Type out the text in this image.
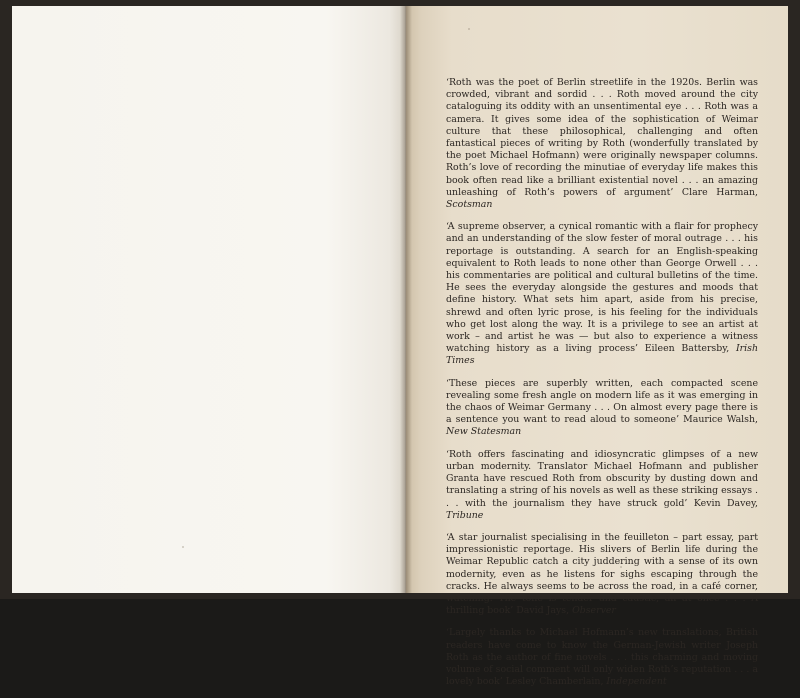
‘Roth was the poet of Berlin streetlife in the 1920s. Berlin was crowded, vibrant and sordid . . . Roth moved around the city cataloguing its oddity with an unsentimental eye . . . Roth was a camera. It gives some idea of the sophistication of Weimar culture that these philosophical, challenging and often fantastical pieces of writing by Roth (wonderfully translated by the poet Michael Hofmann) were originally newspaper columns. Roth’s love of recording the minutiae of everyday life makes this book often read like a brilliant existential novel . . . an amazing unleashing of Roth’s powers of argument’ Clare Harman, Scotsman

‘A supreme observer, a cynical romantic with a flair for prophecy and an understanding of the slow fester of moral outrage . . . his reportage is outstanding. A search for an English-speaking equivalent to Roth leads to none other than George Orwell . . . his commentaries are political and cultural bulletins of the time. He sees the everyday alongside the gestures and moods that define history. What sets him apart, aside from his precise, shrewd and often lyric prose, is his feeling for the individuals who get lost along the way. It is a privilege to see an artist at work – and artist he was — but also to experience a witness watching history as a living process’ Eileen Battersby, Irish Times

‘These pieces are superbly written, each compacted scene revealing some fresh angle on modern life as it was emerging in the chaos of Weimar Germany . . . On almost every page there is a sentence you want to read aloud to someone’ Maurice Walsh, New Statesman

‘Roth offers fascinating and idiosyncratic glimpses of a new urban modernity. Translator Michael Hofmann and publisher Granta have rescued Roth from obscurity by dusting down and translating a string of his novels as well as these striking essays . . . with the journalism they have struck gold’ Kevin Davey, Tribune

‘A star journalist specialising in the feuilleton – part essay, part impressionistic reportage. His slivers of Berlin life during the Weimar Republic catch a city juddering with a sense of its own modernity, even as he listens for sighs escaping through the cracks. He always seems to be across the road, in a café corner, watching. The tone is tender and caustic, all at once . . . A thrilling book’ David Jays, Observer

‘Largely thanks to Michael Hofmann’s new translations, British readers have come to know the German-Jewish writer Joseph Roth as the author of fine novels . . . this charming and moving volume of social comment will only widen Roth’s reputation . . . a lovely book’ Lesley Chamberlain, Independent
